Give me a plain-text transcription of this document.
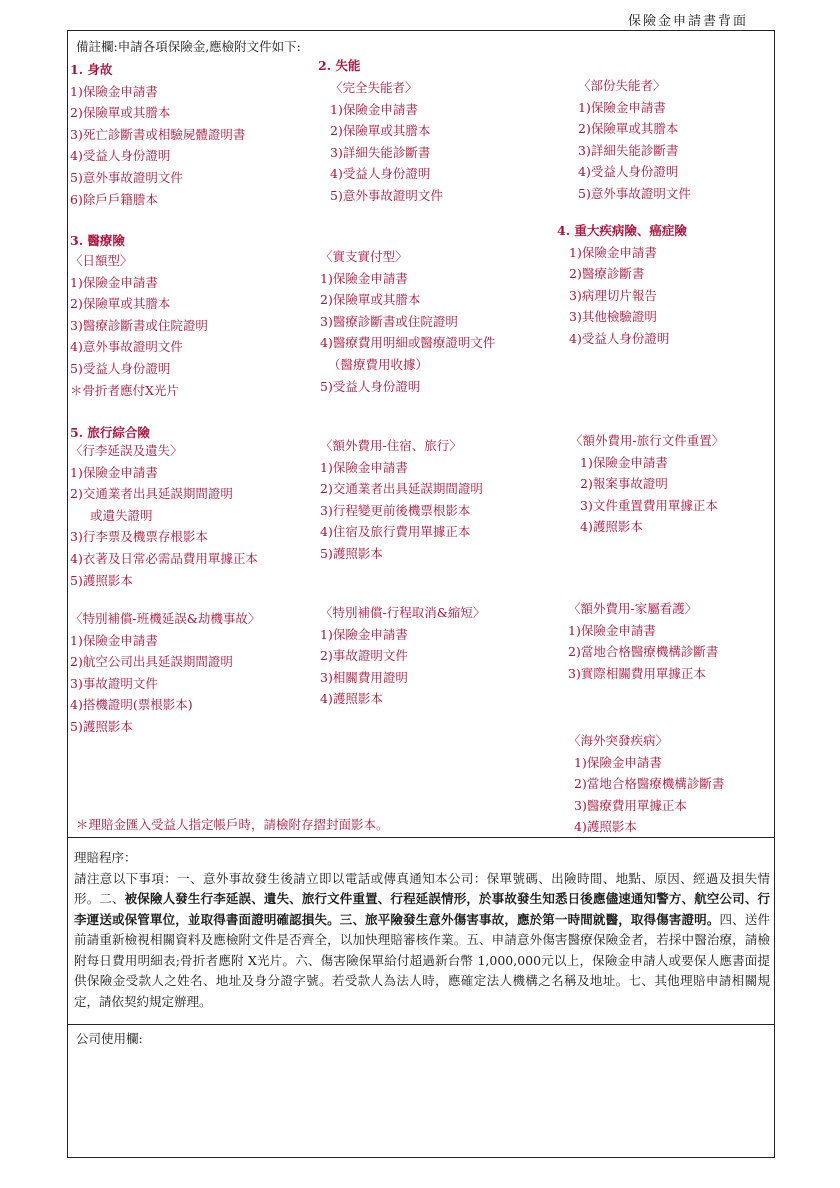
保險金申請書背面
備註欄:申請各項保險金,應檢附文件如下:
＊理賠金匯入受益人指定帳戶時，請檢附存摺封面影本。
理賠程序：

請注意以下事項：一、意外事故發生後請立即以電話或傳真通知本公司：保單號碼、出險時間、地點、原因、經過及損失情形。二、被保險人發生行李延誤、遺失、旅行文件重置、行程延誤情形，於事故發生知悉日後應儘速通知警方、航空公司、行李運送或保管單位，並取得書面證明確認損失。三、旅平險發生意外傷害事故，應於第一時間就醫，取得傷害證明。四、送件前請重新檢視相關資料及應檢附文件是否齊全，以加快理賠審核作業。五、申請意外傷害醫療保險金者，若採中醫治療，請檢附每日費用明細表;骨折者應附 X光片。六、傷害險保單給付超過新台幣 1,000,000元以上，保險金申請人或要保人應書面提供保險金受款人之姓名、地址及身分證字號。若受款人為法人時，應確定法人機構之名稱及地址。七、其他理賠申請相關規定，請依契約規定辦理。

公司使用欄:
1. 身故
1)保險金申請書
2)保險單或其謄本
3)死亡診斷書或相驗屍體證明書
4)受益人身份證明
5)意外事故證明文件
6)除戶戶籍謄本
2. 失能
〈完全失能者〉
1)保險金申請書
2)保險單或其謄本
3)詳細失能診斷書
4)受益人身份證明
5)意外事故證明文件
〈部份失能者〉
1)保險金申請書
2)保險單或其謄本
3)詳細失能診斷書
4)受益人身份證明
5)意外事故證明文件
3. 醫療險
〈日額型〉
1)保險金申請書
2)保險單或其謄本
3)醫療診斷書或住院證明
4)意外事故證明文件
5)受益人身份證明
＊骨折者應付X光片
〈實支實付型〉
1)保險金申請書
2)保險單或其謄本
3)醫療診斷書或住院證明
4)醫療費用明細或醫療證明文件
（醫療費用收據）
5)受益人身份證明
4. 重大疾病險、癌症險
1)保險金申請書
2)醫療診斷書
3)病理切片報告
3)其他檢驗證明
4)受益人身份證明
5. 旅行綜合險
〈行李延誤及遺失〉
1)保險金申請書
2)交通業者出具延誤期間證明
或遺失證明
3)行李票及機票存根影本
4)衣著及日常必需品費用單據正本
5)護照影本
〈額外費用-住宿、旅行〉
1)保險金申請書
2)交通業者出具延誤期間證明
3)行程變更前後機票根影本
4)住宿及旅行費用單據正本
5)護照影本
〈額外費用-旅行文件重置〉
1)保險金申請書
2)報案事故證明
3)文件重置費用單據正本
4)護照影本
〈特別補償-班機延誤&劫機事故〉
1)保險金申請書
2)航空公司出具延誤期間證明
3)事故證明文件
4)搭機證明(票根影本)
5)護照影本
〈特別補償-行程取消&縮短〉
1)保險金申請書
2)事故證明文件
3)相關費用證明
4)護照影本
〈額外費用-家屬看護〉
1)保險金申請書
2)當地合格醫療機構診斷書
3)實際相關費用單據正本
〈海外突發疾病〉
1)保險金申請書
2)當地合格醫療機構診斷書
3)醫療費用單據正本
4)護照影本
